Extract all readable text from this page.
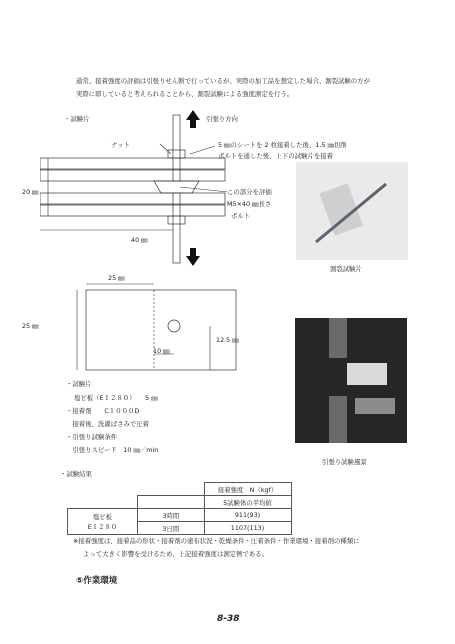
通常、接着強度の評価は引張りせん断で行っているが、実際の加工品を想定した場合、割裂試験の方が
実際に即していると考えられることから、割裂試験による強度測定を行う。
・試験片	引張り方向
ナット	5 ㎜のシートを 2 枚接着した後、1.5 ㎜切削
ボルトを通した後、上下の試験片を接着
この部分を評価
M5×40 ㎜長さ
ボルト
20 ㎜
40 ㎜
25 ㎜
25 ㎜
12.5 ㎜
10 ㎜
割裂試験片
引張り試験風景
・試験片
塩ビ板（E１２８０）　　5 ㎜
・接着剤　　C１０００D
　接着後、洗濯ばさみで圧着
・引張り試験条件
　引張りスピード　10 ㎜／min
・試験結果
		接着強度　N（kgf）
		5試験体の平均値

塩ビ板
E１２８０	3時間	911(93)
	3日間	1107(113)
※接着強度は、接着品の形状・接着剤の塗布状況・乾燥条件・圧着条件・作業環境・接着剤の種類に
よって大きく影響を受けるため、上記接着強度は測定例である。
⑤作業環境
8-38
